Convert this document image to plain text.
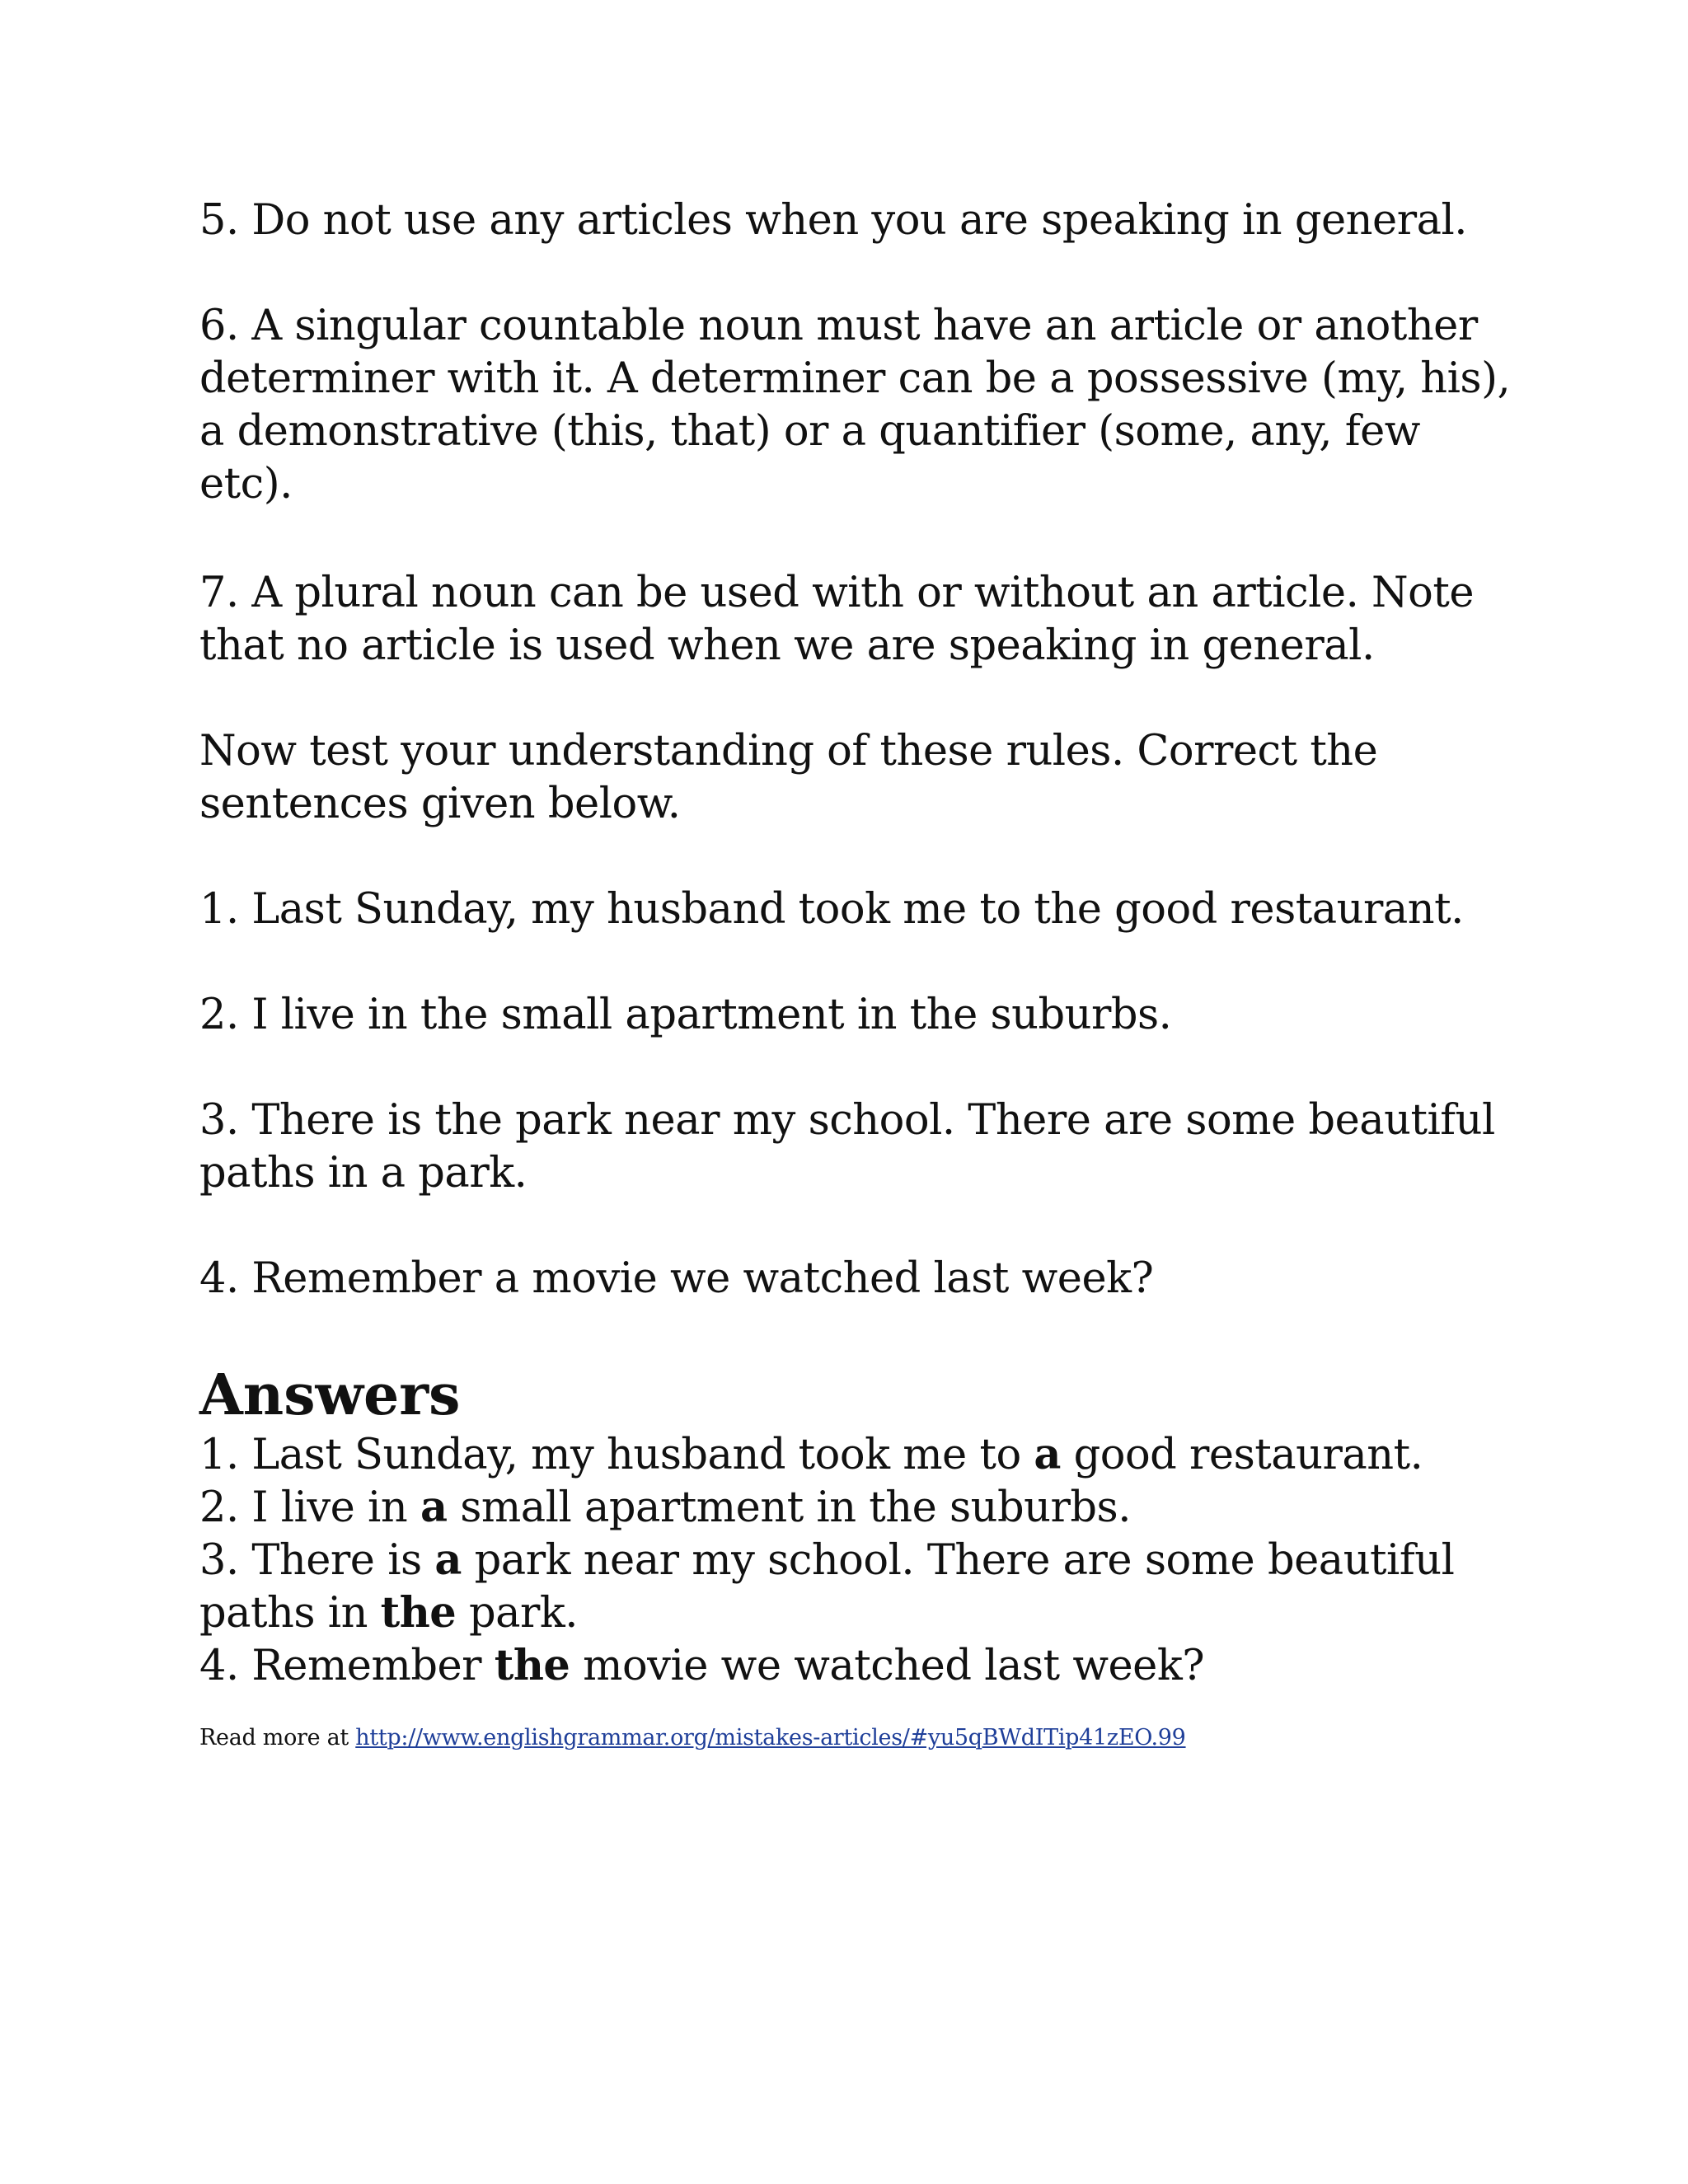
5. Do not use any articles when you are speaking in general.

6. A singular countable noun must have an article or another

determiner with it. A determiner can be a possessive (my, his),

a demonstrative (this, that) or a quantifier (some, any, few

etc).

7. A plural noun can be used with or without an article. Note

that no article is used when we are speaking in general.

Now test your understanding of these rules. Correct the

sentences given below.

1. Last Sunday, my husband took me to the good restaurant.

2. I live in the small apartment in the suburbs.

3. There is the park near my school. There are some beautiful

paths in a park.

4. Remember a movie we watched last week?

Answers

1. Last Sunday, my husband took me to a good restaurant.

2. I live in a small apartment in the suburbs.

3. There is a park near my school. There are some beautiful

paths in the park.

4. Remember the movie we watched last week?

Read more at http://www.englishgrammar.org/mistakes-articles/#yu5qBWdITip41zEO.99
